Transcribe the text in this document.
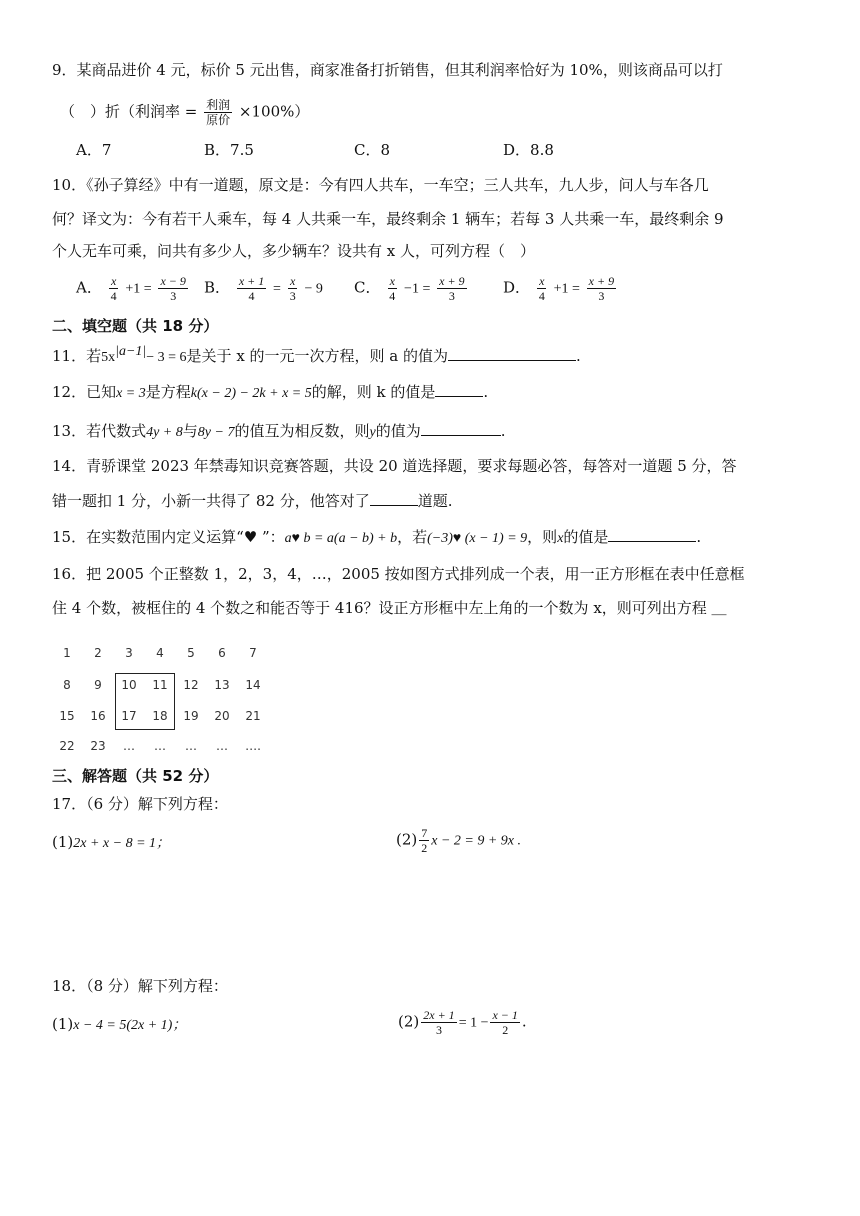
9．某商品进价 4 元，标价 5 元出售，商家准备打折销售，但其利润率恰好为 10%，则该商品可以打
（　）折（利润率 = $\frac{\text{利润}}{\text{原价}} \times 100\%$）
A．7	B．7.5	C．8	D．8.8
10．《孙子算经》中有一道题，原文是：今有四人共车，一车空；三人共车，九人步，问人与车各几
何？译文为：今有若干人乘车，每 4 人共乘一车，最终剩余 1 辆车；若每 3 人共乘一车，最终剩余 9
个人无车可乘，问共有多少人，多少辆车？设共有 x 人，可列方程（　）
A． $\frac{x}{4} +1 = \frac{x - 9}{3}$ B． $\frac{x + 1}{4} = \frac{x}{3} - 9$ C． $\frac{x}{4} -1 = \frac{x + 9}{3}$ D． $\frac{x}{4} +1 = \frac{x + 9}{3}$
二、填空题（共 18 分）
11．若$5x^{|a-1|}- 3 = 6$是关于 x 的一元一次方程，则 a 的值为	.
12．已知x = 3是方程k(x − 2) − 2k + x = 5的解，则 k 的值是	.
13．若代数式4y + 8与8y − 7的值互为相反数，则y的值为	.
14．青骄课堂 2023 年禁毒知识竞赛答题，共设 20 道选择题，要求每题必答，每答对一道题 5 分，答
错一题扣 1 分，小新一共得了 82 分，他答对了	道题.
15．在实数范围内定义运算“♥ ”：a♥ b = a(a − b) + b，若(−3)♥ (x − 1) = 9，则x的值是	.
16．把 2005 个正整数 1，2，3，4，…，2005 按如图方式排列成一个表，用一正方形框在表中任意框
住 4 个数，被框住的 4 个数之和能否等于 416？设正方形框中左上角的一个数为 x，则可列出方程 ＿
1	2	3	4	5	6	7
8	9	10	11	12	13	14
15	16	17	18	19	20	21
22	23	…	…	…	…	….
三、解答题（共 52 分）
17．（6 分）解下列方程：
(1)2x + x − 8 = 1；	$(2) \frac{7}{2}$ x − 2 = 9 + 9x .
18．（8 分）解下列方程：
(1)x − 4 = 5(2x + 1)；	$(2) \frac{2x + 1}{3} = 1 - \frac{x - 1}{2}$ .
